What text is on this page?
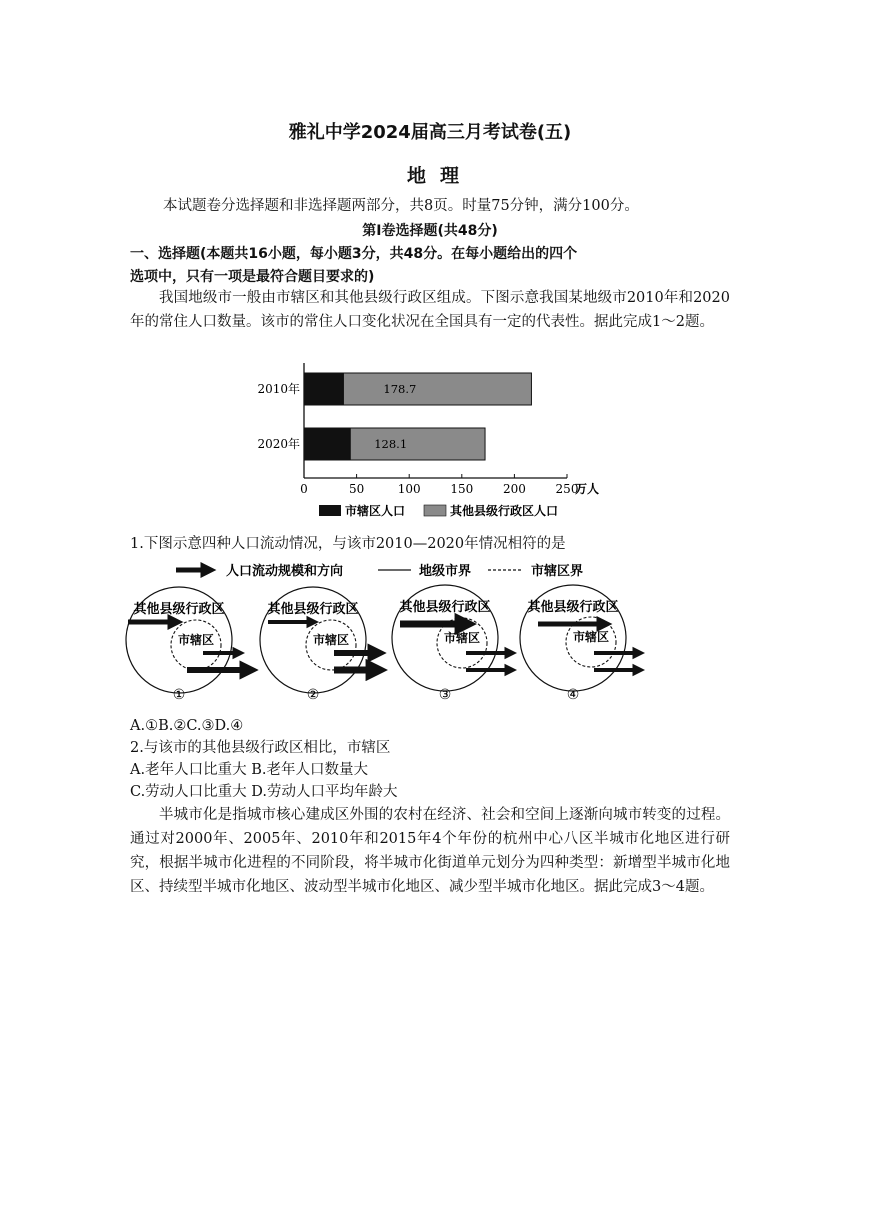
雅礼中学2024届高三月考试卷(五)
地理
本试题卷分选择题和非选择题两部分，共8页。时量75分钟，满分100分。
第Ⅰ卷选择题(共48分)
一、选择题(本题共16小题，每小题3分，共48分。在每小题给出的四个
选项中，只有一项是最符合题目要求的)
我国地级市一般由市辖区和其他县级行政区组成。下图示意我国某地级市2010年和2020年的常住人口数量。该市的常住人口变化状况在全国具有一定的代表性。据此完成1～2题。
0	50	100 150 200 250
万人
2010年
2020年
178.7
128.1
市辖区人口	其他县级行政区人口
1.下图示意四种人口流动情况，与该市2010—2020年情况相符的是
人口流动规模和方向	地级市界	市辖区界
其他县级行政区
市辖区
①
其他县级行政区
市辖区
②
其他县级行政区
市辖区
③
其他县级行政区
市辖区
④
A.①B.②C.③D.④
2.与该市的其他县级行政区相比，市辖区
A.老年人口比重大 B.老年人口数量大
C.劳动人口比重大 D.劳动人口平均年龄大
半城市化是指城市核心建成区外围的农村在经济、社会和空间上逐渐向城市转变的过程。通过对2000年、2005年、2010年和2015年4个年份的杭州中心八区半城市化地区进行研究，根据半城市化进程的不同阶段，将半城市化街道单元划分为四种类型：新增型半城市化地区、持续型半城市化地区、波动型半城市化地区、减少型半城市化地区。据此完成3～4题。
